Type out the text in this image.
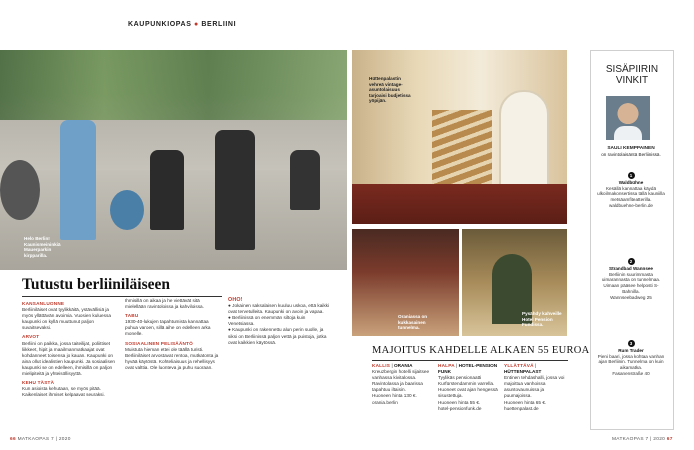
KAUPUNKIOPAS ● BERLIINI
Helo Berlin! Kaunismeininkiä Mauerparkin kirpparilla.
Hüttenpalastin vehreä vintage-asuntolaisuus tarjoaisi budjetissa yöpijän.
Oraniassa on kukkasainen tunnelma.
Pysähdy kahveille Hotel Pension Fundissa.
Tutustu berliiniläiseen
KANSANLUONNE

Berliiniläiset ovat tyylikkäitä, ystävällisiä ja myös yllättävän avoimia. Vuosien kuluessa kaupunki on kyllä muuttunut paljon suvaitsevaksi.

ARVOT

Berliini on paikka, jossa taiteilijat, poliittiset liikkeet, hipit ja maailmanmatkaajat ovat kohdanneet toisensa jo kauan. Kaupunki on aina ollut idealistien kaupunki. Ja sosiaalisen kaupunki se on edelleen, ihmisillä on paljon mielipiteitä ja yhteisöllisyyttä.

KEHU TÄSTÄ

Kun asioista kehutaan, se myös pitää. Kaikenlaiset ihmiset kelpaavat seuraksi.

Ihmisillä on aikaa ja he viettävät sitä mielellään ravintoloissa ja kahviloissa.

TABU

1930-40-lukujen tapahtumista kannattaa puhua varoen, sillä aihe on edelleen arka monelle.

SOSIAALINEN PELISÄÄNTÖ

Muistuta hieman ettei ole täällä turisti. Berliiniläiset arvostavat rentoa, mutkatonta ja hyvää käytöstä. Kohteliaisuus ja rehellisyys ovat valttia. Ole luonteva ja puhu suoraan.

OHO!

● Jokainen saksalaisen kuuluu uskoa, että kaikki ovat tervetulleita. Kaupunki on avoin ja vapaa.

● Berliinissä on enemmän siltoja kuin Venetsiassa.

● Kaupunki on rakennettu alun perin suolle, ja siksi on Berliinissä paljon vettä ja puistoja, jotka ovat kaikkien käytössä.

MAJOITUS KAHDELLE ALKAEN 55 EUROA

KALLIS | ORANIA

Kreuzbergin hotelli sijaitsee vanhassa kivitalossa. Ravintolassa ja baarissa tapahtuu iltaisin.

Huoneen hinta 130 €.

orania.berlin

HALPA | HOTEL-PENSION FUNK

Tyylikäs pensionaatti Kurfürstendammin varrella. Huoneet ovat ajan hengessä sisustettuja.

Huoneen hinta 55 €.

hotel-pensionfunk.de

YLLÄTTÄVÄ | HÜTTENPALAST

Entinen tehdashalli, jossa voi majoittua vanhoissa asuntovaunuissa ja puumajoissa.

Huoneen hinta 65 €.

huettenpalast.de

SISÄPIIRIN VINKIT
SAULI KEMPPAINEN
on ravintolaisäntä Berliinissä.
1
Waldbühne
Kesällä kannattaa käydä ulkoilmakonsertissa tällä kauniilla metsäamfiteatterilla.
waldbuehne-berlin.de
2
Strandbad Wannsee
Berliinin suurimmasta uimarannasta on tunnelmaa. Uimaan pääsee helposti S-Bahnilla.
Wannseebadweg 25
3
Rum Trader
Pieni baari, jossa kohtaa vanhan ajan Berliinin. Tunnelma on kuin aikamatka.
Fasanenstraße 40
66 MATKAOPAS 7 | 2020	MATKAOPAS 7 | 2020 67
